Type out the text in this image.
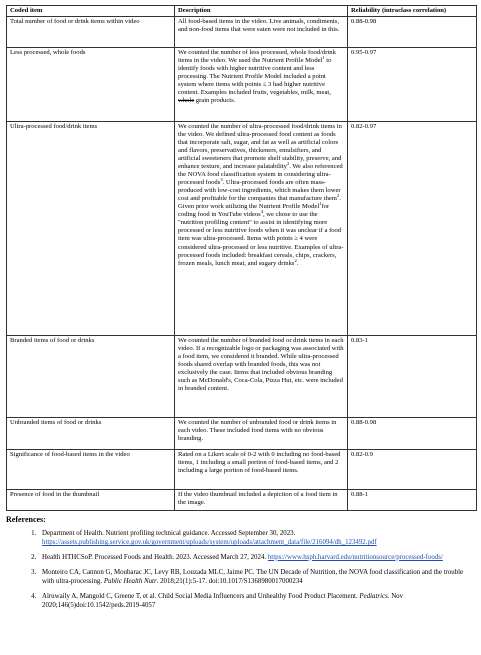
Coded item	Description	Reliability (intraclass correlation)
Total number of food or drink items within video	All food-based items in the video. Live animals, condiments, and non-food items that were eaten were not included in this.	0.88-0.98
Less processed, whole foods	We counted the number of less processed, whole food/drink items in the video. We used the Nutrient Profile Model$^1$ to identify foods with higher nutritive content and less processing. The Nutrient Profile Model included a point system where items with points ≤ 3 had higher nutritive content. Examples included fruits, vegetables, milk, meat, whole grain products.	0.95-0.97
Ultra-processed food/drink items	We counted the number of ultra-processed food/drink items in the video. We defined ultra-processed food content as foods that incorporate salt, sugar, and fat as well as artificial colors and flavors, preservatives, thickeners, emulsifiers, and artificial sweeteners that promote shelf stability, preserve, and enhance texture, and increase palatability$^2$. We also referenced the NOVA food classification system in considering ultra-processed foods$^3$. Ultra-processed foods are often mass-produced with low-cost ingredients, which makes them lower cost and profitable for the companies that manufacture them$^2$. Given prior work utilizing the Nutrient Profile Model$^1$for coding food in YouTube videos$^4$, we chose to use the "nutrition profiling content" to assist in identifying more processed or less nutritive foods when it was unclear if a food item was ultra-processed. Items with points ≥ 4 were considered ultra-processed or less nutritive. Examples of ultra-processed foods included: breakfast cereals, chips, crackers, frozen meals, lunch meat, and sugary drinks$^2$.	0.82-0.97
Branded items of food or drinks	We counted the number of branded food or drink items in each video. If a recognizable logo or packaging was associated with a food item, we considered it branded. While ultra-processed foods shared overlap with branded foods, this was not exclusively the case. Items that included obvious branding such as McDonald's, Coca-Cola, Pizza Hut, etc. were included in branded content.	0.83-1
Unbranded items of food or drinks	We counted the number of unbranded food or drink items in each video. These included food items with no obvious branding.	0.88-0.98
Significance of food-based items in the video	Rated on a Likert scale of 0-2 with 0 including no food-based items, 1 including a small portion of food-based items, and 2 including a large portion of food-based items.	0.82-0.9
Presence of food in the thumbnail	If the video thumbnail included a depiction of a food item in the image.	0.88-1
References:
1. Department of Health. Nutrient profiling technical guidance. Accessed September 30, 2023. https://assets.publishing.service.gov.uk/government/uploads/system/uploads/attachment_data/file/216094/dh_123492.pdf
2. Health HTHCSoP. Processed Foods and Health. 2023. Accessed March 27, 2024. https://www.hsph.harvard.edu/nutritionsource/processed-foods/
3. Monteiro CA, Cannon G, Moubarac JC, Levy RB, Louzada MLC, Jaime PC. The UN Decade of Nutrition, the NOVA food classification and the trouble with ultra-processing. Public Health Nutr. 2018;21(1):5-17. doi:10.1017/S1368980017000234
4. Alruwaily A, Mangold C, Greene T, et al. Child Social Media Influencers and Unhealthy Food Product Placement. Pediatrics. Nov 2020;146(5)doi:10.1542/peds.2019-4057
